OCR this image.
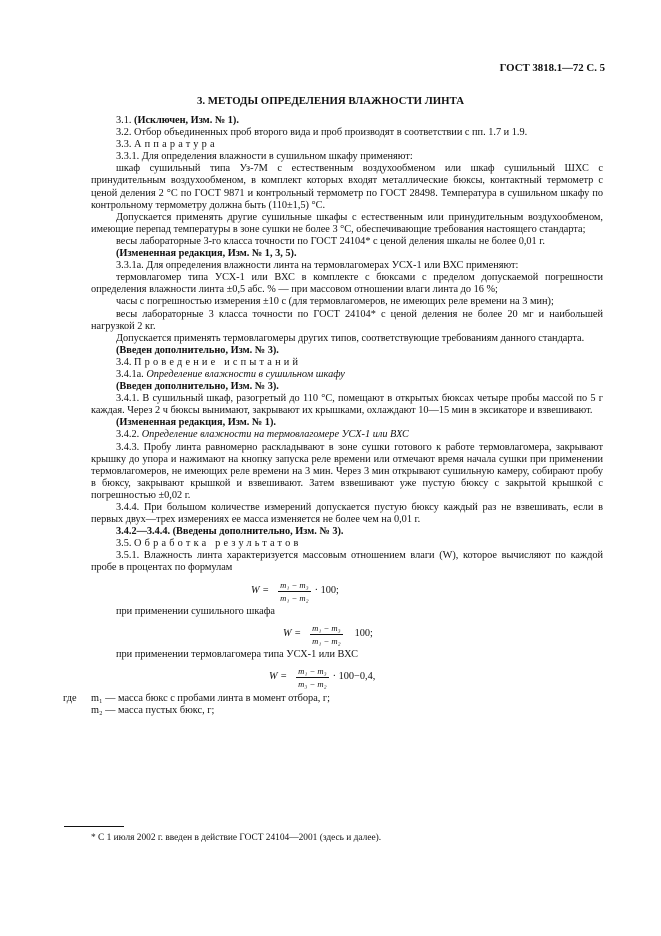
ГОСТ 3818.1—72 С. 5
3. МЕТОДЫ ОПРЕДЕЛЕНИЯ ВЛАЖНОСТИ ЛИНТА

3.1. (Исключен, Изм. № 1).

3.2. Отбор объединенных проб второго вида и проб производят в соответствии с пп. 1.7 и 1.9.

3.3. Аппаратура

3.3.1. Для определения влажности в сушильном шкафу применяют:

шкаф сушильный типа Уз-7М с естественным воздухообменом или шкаф сушильный ШХС с принудительным воздухообменом, в комплект которых входят металлические бюксы, контактный термометр с ценой деления 2 °С по ГОСТ 9871 и контрольный термометр по ГОСТ 28498. Температура в сушильном шкафу по контрольному термометру должна быть (110±1,5) °С.

Допускается применять другие сушильные шкафы с естественным или принудительным воздухообменом, имеющие перепад температуры в зоне сушки не более 3 °С, обеспечивающие требования настоящего стандарта;

весы лабораторные 3-го класса точности по ГОСТ 24104* с ценой деления шкалы не более 0,01 г.

(Измененная редакция, Изм. № 1, 3, 5).

3.3.1а. Для определения влажности линта на термовлагомерах УСХ-1 или ВХС применяют:

термовлагомер типа УСХ-1 или ВХС в комплекте с бюксами с пределом допускаемой погрешности определения влажности линта ±0,5 абс. % — при массовом отношении влаги линта до 16 %;

часы с погрешностью измерения ±10 с (для термовлагомеров, не имеющих реле времени на 3 мин);

весы лабораторные 3 класса точности по ГОСТ 24104* с ценой деления не более 20 мг и наибольшей нагрузкой 2 кг.

Допускается применять термовлагомеры других типов, соответствующие требованиям данного стандарта.

(Введен дополнительно, Изм. № 3).

3.4. Проведение испытаний

3.4.1а. Определение влажности в сушильном шкафу

(Введен дополнительно, Изм. № 3).

3.4.1. В сушильный шкаф, разогретый до 110 °С, помещают в открытых бюксах четыре пробы массой по 5 г каждая. Через 2 ч бюксы вынимают, закрывают их крышками, охлаждают 10—15 мин в эксикаторе и взвешивают.

(Измененная редакция, Изм. № 1).

3.4.2. Определение влажности на термовлагомере УСХ-1 или ВХС

3.4.3. Пробу линта равномерно раскладывают в зоне сушки готового к работе термовлагомера, закрывают крышку до упора и нажимают на кнопку запуска реле времени или отмечают время начала сушки при применении термовлагомеров, не имеющих реле времени на 3 мин. Через 3 мин открывают сушильную камеру, собирают пробу в бюксу, закрывают крышкой и взвешивают. Затем взвешивают уже пустую бюксу с закрытой крышкой с погрешностью ±0,02 г.

3.4.4. При большом количестве измерений допускается пустую бюксу каждый раз не взвешивать, если в первых двух—трех измерениях ее масса изменяется не более чем на 0,01 г.

3.4.2—3.4.4. (Введены дополнительно, Изм. № 3).

3.5. Обработка результатов

3.5.1. Влажность линта характеризуется массовым отношением влаги (W), которое вычисляют по каждой пробе в процентах по формулам

$W = \frac{\text{m₁ − m₃}}{\text{m₁ − m₂}} \cdot 100$;

при применении сушильного шкафа

$W = \frac{\text{m₁ − m₃}}{\text{m₁ − m₂}} 100$;

при применении термовлагомера типа УСХ-1 или ВХС

$W = \frac{\text{m₁ − m₃}}{\text{m₃ − m₂}} \cdot 100-0,4$,
где	m₁ — масса бюкс с пробами линта в момент отбора, г;
m₂ — масса пустых бюкс, г;
* С 1 июля 2002 г. введен в действие ГОСТ 24104—2001 (здесь и далее).
